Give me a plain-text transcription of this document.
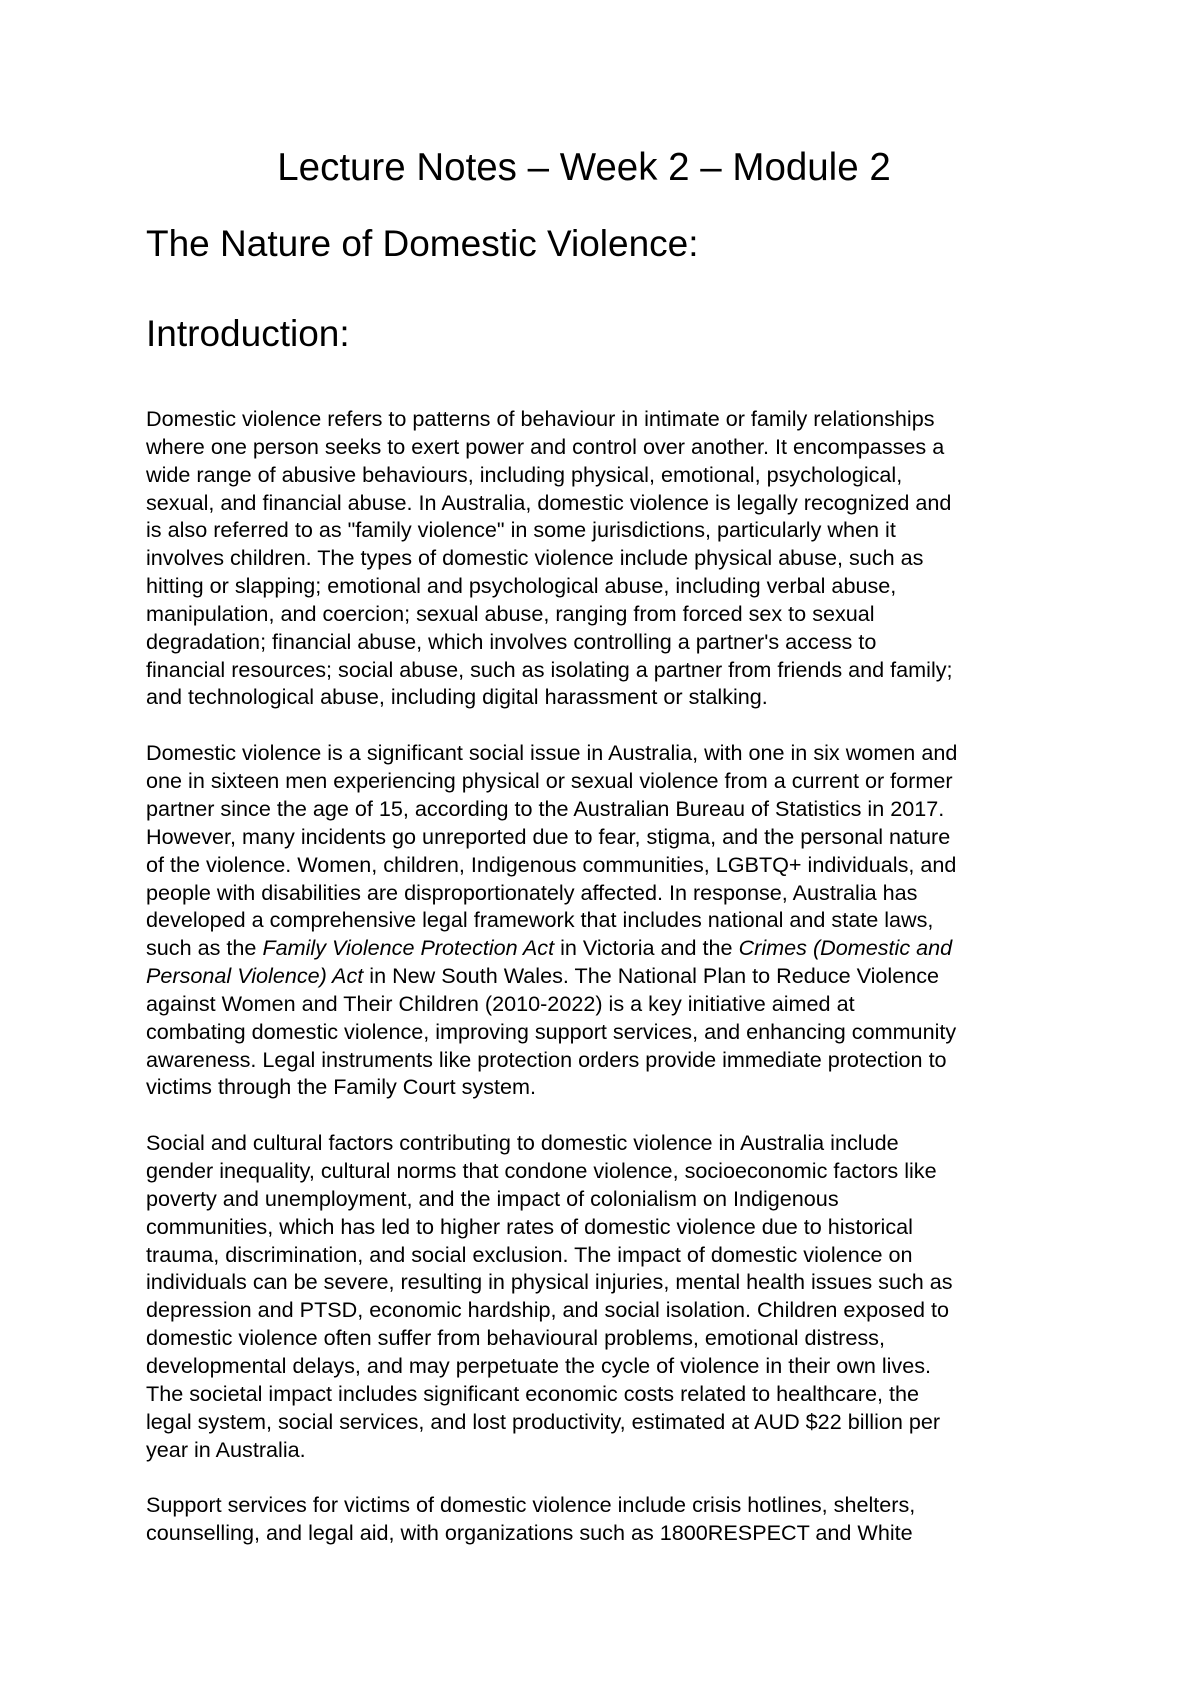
Lecture Notes – Week 2 – Module 2
The Nature of Domestic Violence:
Introduction:

Domestic violence refers to patterns of behaviour in intimate or family relationships
where one person seeks to exert power and control over another. It encompasses a
wide range of abusive behaviours, including physical, emotional, psychological,
sexual, and financial abuse. In Australia, domestic violence is legally recognized and
is also referred to as "family violence" in some jurisdictions, particularly when it
involves children. The types of domestic violence include physical abuse, such as
hitting or slapping; emotional and psychological abuse, including verbal abuse,
manipulation, and coercion; sexual abuse, ranging from forced sex to sexual
degradation; financial abuse, which involves controlling a partner's access to
financial resources; social abuse, such as isolating a partner from friends and family;
and technological abuse, including digital harassment or stalking.

Domestic violence is a significant social issue in Australia, with one in six women and
one in sixteen men experiencing physical or sexual violence from a current or former
partner since the age of 15, according to the Australian Bureau of Statistics in 2017.
However, many incidents go unreported due to fear, stigma, and the personal nature
of the violence. Women, children, Indigenous communities, LGBTQ+ individuals, and
people with disabilities are disproportionately affected. In response, Australia has
developed a comprehensive legal framework that includes national and state laws,
such as the Family Violence Protection Act in Victoria and the Crimes (Domestic and
Personal Violence) Act in New South Wales. The National Plan to Reduce Violence
against Women and Their Children (2010-2022) is a key initiative aimed at
combating domestic violence, improving support services, and enhancing community
awareness. Legal instruments like protection orders provide immediate protection to
victims through the Family Court system.

Social and cultural factors contributing to domestic violence in Australia include
gender inequality, cultural norms that condone violence, socioeconomic factors like
poverty and unemployment, and the impact of colonialism on Indigenous
communities, which has led to higher rates of domestic violence due to historical
trauma, discrimination, and social exclusion. The impact of domestic violence on
individuals can be severe, resulting in physical injuries, mental health issues such as
depression and PTSD, economic hardship, and social isolation. Children exposed to
domestic violence often suffer from behavioural problems, emotional distress,
developmental delays, and may perpetuate the cycle of violence in their own lives.
The societal impact includes significant economic costs related to healthcare, the
legal system, social services, and lost productivity, estimated at AUD $22 billion per
year in Australia.

Support services for victims of domestic violence include crisis hotlines, shelters,
counselling, and legal aid, with organizations such as 1800RESPECT and White
